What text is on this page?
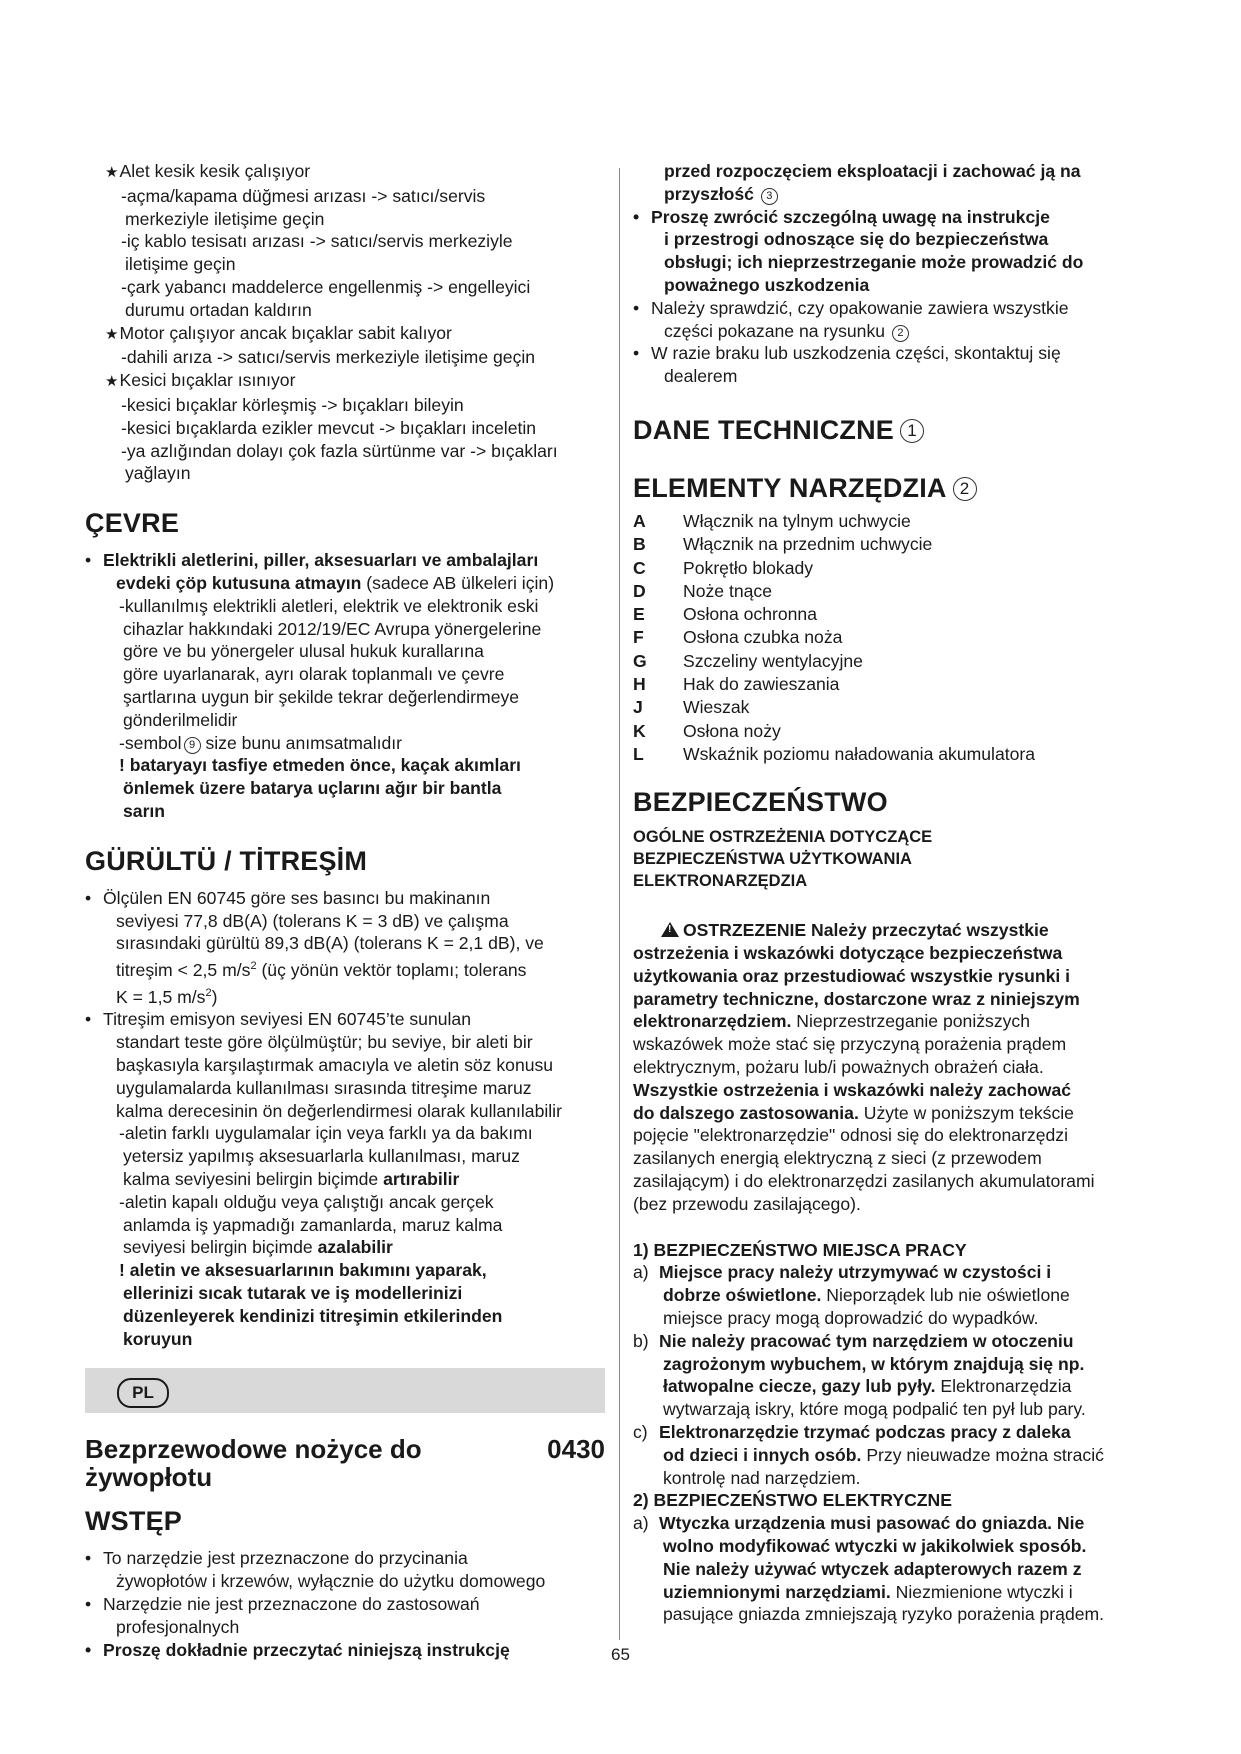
★Alet kesik kesik çalışıyor
-açma/kapama düğmesi arızası -> satıcı/servis
merkeziyle iletişime geçin
-iç kablo tesisatı arızası -> satıcı/servis merkeziyle
iletişime geçin
-çark yabancı maddelerce engellenmiş -> engelleyici
durumu ortadan kaldırın
★Motor çalışıyor ancak bıçaklar sabit kalıyor
-dahili arıza -> satıcı/servis merkeziyle iletişime geçin
★Kesici bıçaklar ısınıyor
-kesici bıçaklar körleşmiş -> bıçakları bileyin
-kesici bıçaklarda ezikler mevcut -> bıçakları inceletin
-ya azlığından dolayı çok fazla sürtünme var -> bıçakları
yağlayın
ÇEVRE
• Elektrikli aletlerini, piller, aksesuarları ve ambalajları
evdeki çöp kutusuna atmayın (sadece AB ülkeleri için)
-kullanılmış elektrikli aletleri, elektrik ve elektronik eski
cihazlar hakkındaki 2012/19/EC Avrupa yönergelerine
göre ve bu yönergeler ulusal hukuk kurallarına
göre uyarlanarak, ayrı olarak toplanmalı ve çevre
şartlarına uygun bir şekilde tekrar değerlendirmeye
gönderilmelidir
-sembol 9 size bunu anımsatmalıdır
! bataryayı tasfiye etmeden önce, kaçak akımları
önlemek üzere batarya uçlarını ağır bir bantla
sarın
GÜRÜLTÜ / TİTREŞİM
• Ölçülen EN 60745 göre ses basıncı bu makinanın
seviyesi 77,8 dB(A) (tolerans K = 3 dB) ve çalışma
sırasındaki gürültü 89,3 dB(A) (tolerans K = 2,1 dB), ve
titreşim < 2,5 $m/s^2$ (üç yönün vektör toplamı; tolerans
K = 1,5 $m/s^2$)
• Titreşim emisyon seviyesi EN 60745’te sunulan
standart teste göre ölçülmüştür; bu seviye, bir aleti bir
başkasıyla karşılaştırmak amacıyla ve aletin söz konusu
uygulamalarda kullanılması sırasında titreşime maruz
kalma derecesinin ön değerlendirmesi olarak kullanılabilir
-aletin farklı uygulamalar için veya farklı ya da bakımı
yetersiz yapılmış aksesuarlarla kullanılması, maruz
kalma seviyesini belirgin biçimde artırabilir
-aletin kapalı olduğu veya çalıştığı ancak gerçek
anlamda iş yapmadığı zamanlarda, maruz kalma
seviyesi belirgin biçimde azalabilir
! aletin ve aksesuarlarının bakımını yaparak,
ellerinizi sıcak tutarak ve iş modellerinizi
düzenleyerek kendinizi titreşimin etkilerinden
koruyun
PL
Bezprzewodowe nożyce do
żywopłotu
0430
WSTĘP
• To narzędzie jest przeznaczone do przycinania
żywopłotów i krzewów, wyłącznie do użytku domowego
• Narzędzie nie jest przeznaczone do zastosowań
profesjonalnych
• Proszę dokładnie przeczytać niniejszą instrukcję
przed rozpoczęciem eksploatacji i zachować ją na
przyszłość 3
• Proszę zwrócić szczególną uwagę na instrukcje
i przestrogi odnoszące się do bezpieczeństwa
obsługi; ich nieprzestrzeganie może prowadzić do
poważnego uszkodzenia
• Należy sprawdzić, czy opakowanie zawiera wszystkie
części pokazane na rysunku 2
• W razie braku lub uszkodzenia części, skontaktuj się
dealerem
DANE TECHNICZNE 1
ELEMENTY NARZĘDZIA 2
A	Włącznik na tylnym uchwycie
B	Włącznik na przednim uchwycie
C	Pokrętło blokady
D	Noże tnące
E	Osłona ochronna
F	Osłona czubka noża
G	Szczeliny wentylacyjne
H	Hak do zawieszania
J	Wieszak
K	Osłona noży
L	Wskaźnik poziomu naładowania akumulatora
BEZPIECZEŃSTWO
OGÓLNE OSTRZEŻENIA DOTYCZĄCE
BEZPIECZEŃSTWA UŻYTKOWANIA
ELEKTRONARZĘDZIA
!OSTRZEZENIE Należy przeczytać wszystkie
ostrzeżenia i wskazówki dotyczące bezpieczeństwa
użytkowania oraz przestudiować wszystkie rysunki i
parametry techniczne, dostarczone wraz z niniejszym
elektronarzędziem. Nieprzestrzeganie poniższych
wskazówek może stać się przyczyną porażenia prądem
elektrycznym, pożaru lub/i poważnych obrażeń ciała.
Wszystkie ostrzeżenia i wskazówki należy zachować
do dalszego zastosowania. Użyte w poniższym tekście
pojęcie "elektronarzędzie" odnosi się do elektronarzędzi
zasilanych energią elektryczną z sieci (z przewodem
zasilającym) i do elektronarzędzi zasilanych akumulatorami
(bez przewodu zasilającego).
1) BEZPIECZEŃSTWO MIEJSCA PRACY
a) Miejsce pracy należy utrzymywać w czystości i
dobrze oświetlone. Nieporządek lub nie oświetlone
miejsce pracy mogą doprowadzić do wypadków.
b) Nie należy pracować tym narzędziem w otoczeniu
zagrożonym wybuchem, w którym znajdują się np.
łatwopalne ciecze, gazy lub pyły. Elektronarzędzia
wytwarzają iskry, które mogą podpalić ten pył lub pary.
c) Elektronarzędzie trzymać podczas pracy z daleka
od dzieci i innych osób. Przy nieuwadze można stracić
kontrolę nad narzędziem.
2) BEZPIECZEŃSTWO ELEKTRYCZNE
a) Wtyczka urządzenia musi pasować do gniazda. Nie
wolno modyfikować wtyczki w jakikolwiek sposób.
Nie należy używać wtyczek adapterowych razem z
uziemnionymi narzędziami. Niezmienione wtyczki i
pasujące gniazda zmniejszają ryzyko porażenia prądem.
65
